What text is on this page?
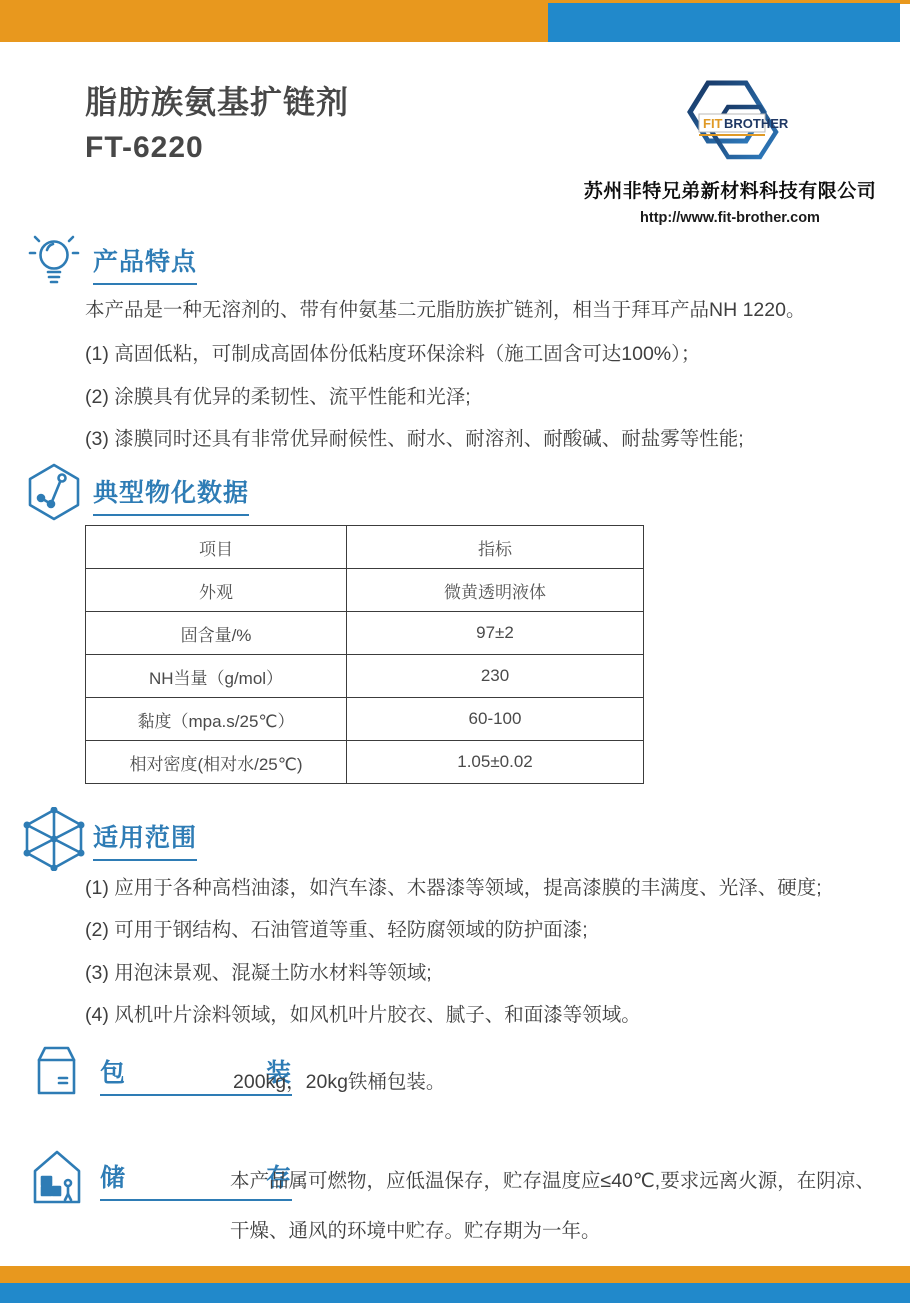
脂肪族氨基扩链剂
FT-6220
FIT BROTHER
苏州非特兄弟新材料科技有限公司
http://www.fit-brother.com
产品特点
本产品是一种无溶剂的、带有仲氨基二元脂肪族扩链剂，相当于拜耳产品NH 1220。
(1) 高固低粘，可制成高固体份低粘度环保涂料（施工固含可达100%）；
(2) 涂膜具有优异的柔韧性、流平性能和光泽;
(3) 漆膜同时还具有非常优异耐候性、耐水、耐溶剂、耐酸碱、耐盐雾等性能;
典型物化数据
项目	指标
外观	微黄透明液体
固含量/%	97±2
NH当量（g/mol）	230
黏度（mpa.s/25℃）	60-100
相对密度(相对水/25℃)	1.05±0.02
适用范围
(1) 应用于各种高档油漆，如汽车漆、木器漆等领域，提高漆膜的丰满度、光泽、硬度;
(2) 可用于钢结构、石油管道等重、轻防腐领域的防护面漆;
(3) 用泡沫景观、混凝土防水材料等领域;
(4) 风机叶片涂料领域，如风机叶片胶衣、腻子、和面漆等领域。
包　　装
200kg，20kg铁桶包装。
储　　存
本产品属可燃物，应低温保存，贮存温度应≤40℃,要求远离火源，在阴凉、干燥、通风的环境中贮存。贮存期为一年。
